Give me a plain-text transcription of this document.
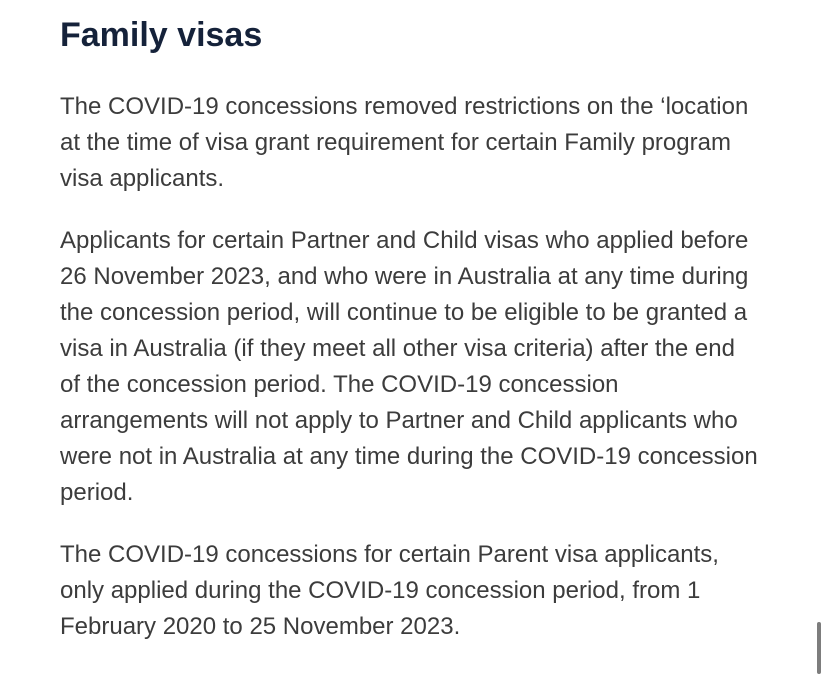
Family visas

The COVID-19 concessions removed restrictions on the ‘location at the time of visa grant requirement for certain Family program visa applicants.

Applicants for certain Partner and Child visas who applied before 26 November 2023, and who were in Australia at any time during the concession period, will continue to be eligible to be granted a visa in Australia (if they meet all other visa criteria) after the end of the concession period. The COVID-19 concession arrangements will not apply to Partner and Child applicants who were not in Australia at any time during the COVID-19 concession period.

The COVID-19 concessions for certain Parent visa applicants, only applied during the COVID-19 concession period, from 1 February 2020 to 25 November 2023.
